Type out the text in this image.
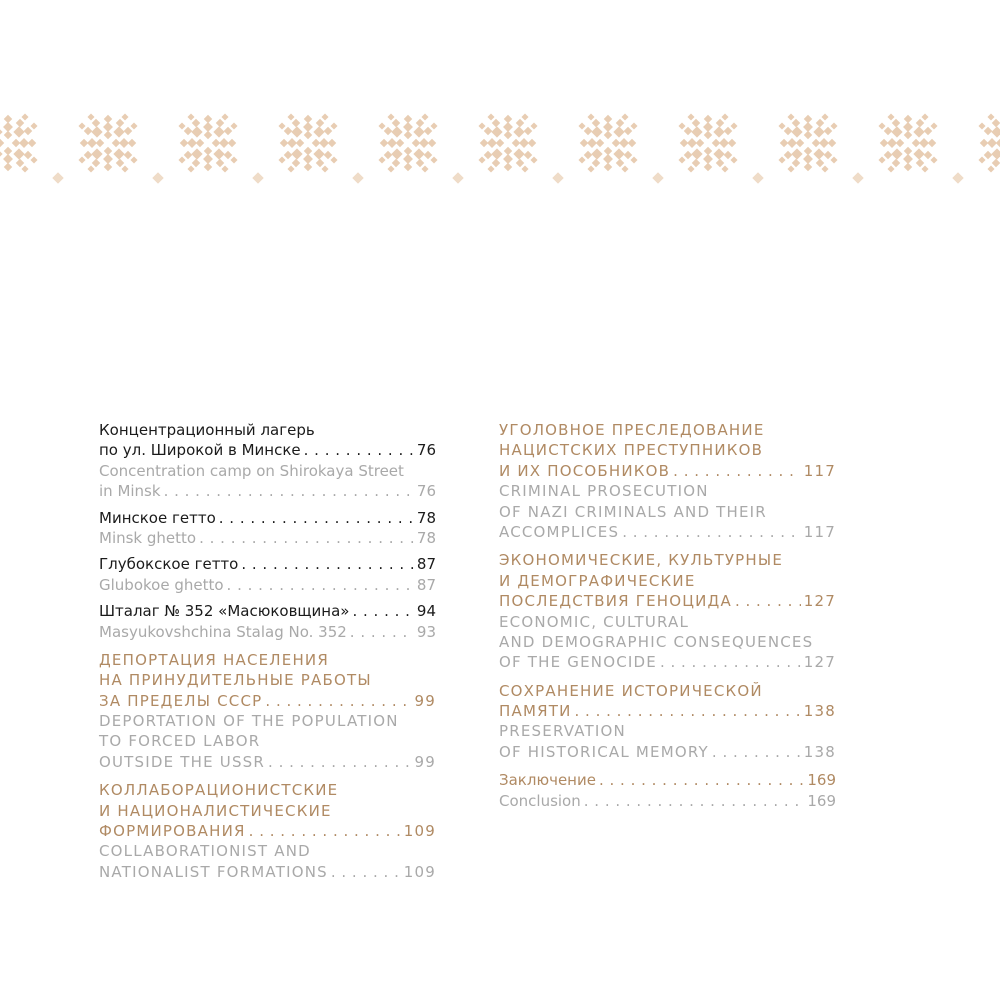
Концентрационный лагерь
по ул. Широкой в Минске . . .	76
Concentration camp on Shirokaya Street
in Minsk . . .	76
Минское гетто . . .	78
Minsk ghetto . . .	78
Глубокское гетто . . .	87
Glubokoe ghetto . . .	87
Шталаг № 352 «Масюковщина» . . .	94
Masyukovshchina Stalag No. 352 . . .	93
ДЕПОРТАЦИЯ НАСЕЛЕНИЯ
НА ПРИНУДИТЕЛЬНЫЕ РАБОТЫ
ЗА ПРЕДЕЛЫ СССР . . .	99
DEPORTATION OF THE POPULATION
TO FORCED LABOR
OUTSIDE THE USSR . . .	99
КОЛЛАБОРАЦИОНИСТСКИЕ
И НАЦИОНАЛИСТИЧЕСКИЕ
ФОРМИРОВАНИЯ . . .	109
COLLABORATIONIST AND
NATIONALIST FORMATIONS . . .	109
УГОЛОВНОЕ ПРЕСЛЕДОВАНИЕ
НАЦИСТСКИХ ПРЕСТУПНИКОВ
И ИХ ПОСОБНИКОВ . . .	117
CRIMINAL PROSECUTION
OF NAZI CRIMINALS AND THEIR
ACCOMPLICES . . .	117
ЭКОНОМИЧЕСКИЕ, КУЛЬТУРНЫЕ
И ДЕМОГРАФИЧЕСКИЕ
ПОСЛЕДСТВИЯ ГЕНОЦИДА . . .	127
ECONOMIC, CULTURAL
AND DEMOGRAPHIC CONSEQUENCES
OF THE GENOCIDE . . .	127
СОХРАНЕНИЕ ИСТОРИЧЕСКОЙ
ПАМЯТИ . . .	138
PRESERVATION
OF HISTORICAL MEMORY . . .	138
Заключение . . .	169
Conclusion . . .	169
